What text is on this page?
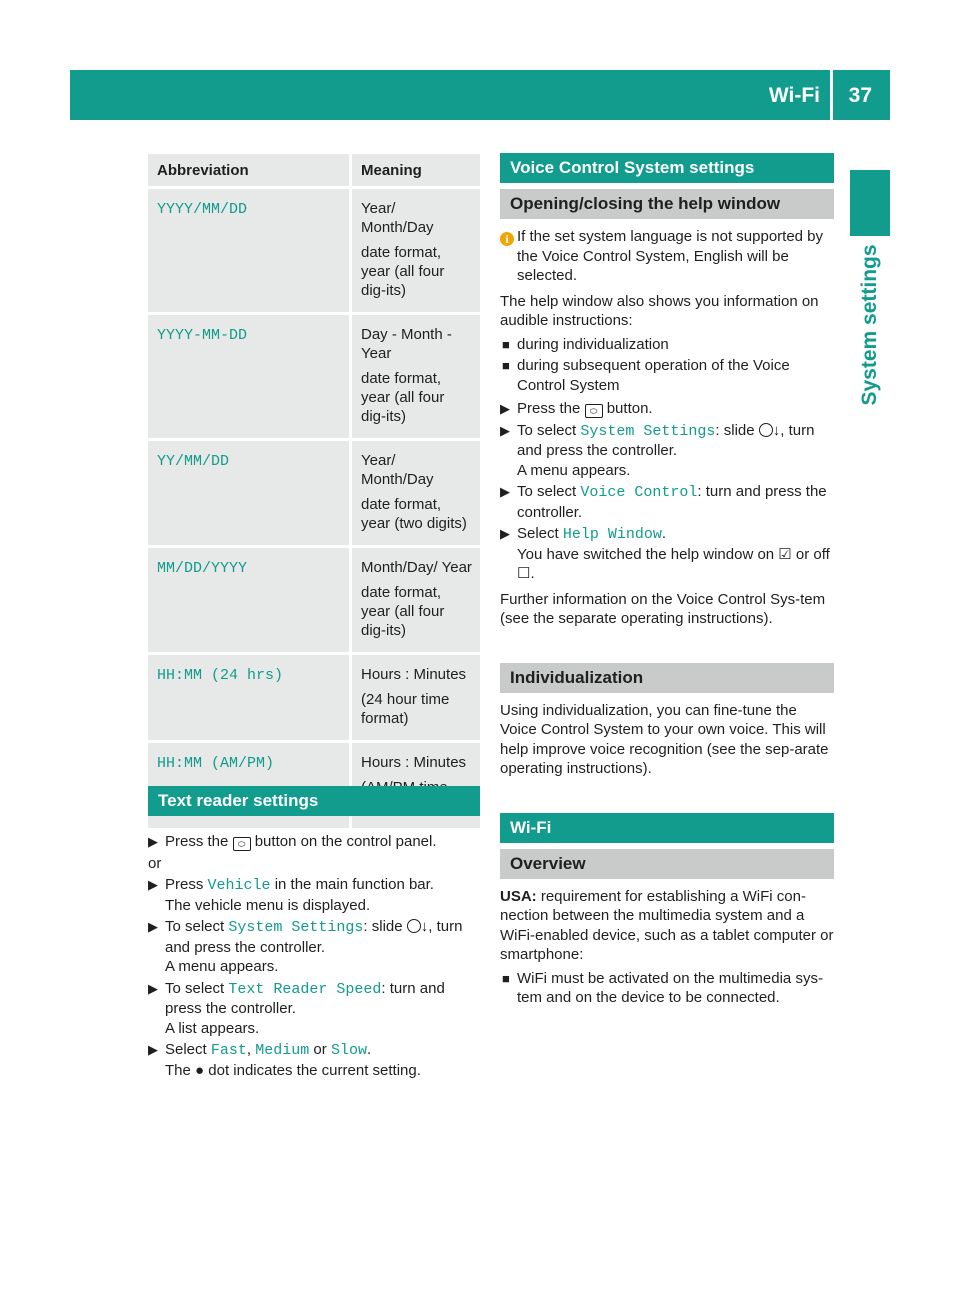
Wi-Fi 37
System settings
Abbreviation	Meaning
YYYY/MM/DD	Year/ Month/Day

date format, year (all four dig-its)

YYYY-MM-DD	Day - Month - Year

date format, year (all four dig-its)

YY/MM/DD	Year/ Month/Day

date format, year (two digits)

MM/DD/YYYY	Month/Day/ Year

date format, year (all four dig-its)

HH:MM (24 hrs)	Hours : Minutes

(24 hour time format)

HH:MM (AM/PM)	Hours : Minutes

Text reader settings

▶ Press the ⬭ button on the control panel.

or

▶ Press Vehicle in the main function bar.
The vehicle menu is displayed.

▶ To select System Settings: slide ↓, turn and press the controller.
A menu appears.

▶ To select Text Reader Speed: turn and press the controller.
A list appears.

▶ Select Fast, Medium or Slow.
The ● dot indicates the current setting.

Voice Control System settings
Opening/closing the help window

i If the set system language is not supported by the Voice Control System, English will be selected.

The help window also shows you information on audible instructions:

■ during individualization

■ during subsequent operation of the Voice Control System

▶ Press the ⬭ button.

▶ To select System Settings: slide ↓, turn and press the controller.
A menu appears.

▶ To select Voice Control: turn and press the controller.

▶ Select Help Window.
You have switched the help window on ☑ or off ☐.

Further information on the Voice Control Sys-tem (see the separate operating instructions).

Individualization

Using individualization, you can fine-tune the Voice Control System to your own voice. This will help improve voice recognition (see the sep-arate operating instructions).

Wi-Fi
Overview

USA: requirement for establishing a WiFi con-nection between the multimedia system and a WiFi-enabled device, such as a tablet computer or smartphone:

■ WiFi must be activated on the multimedia sys-tem and on the device to be connected.
